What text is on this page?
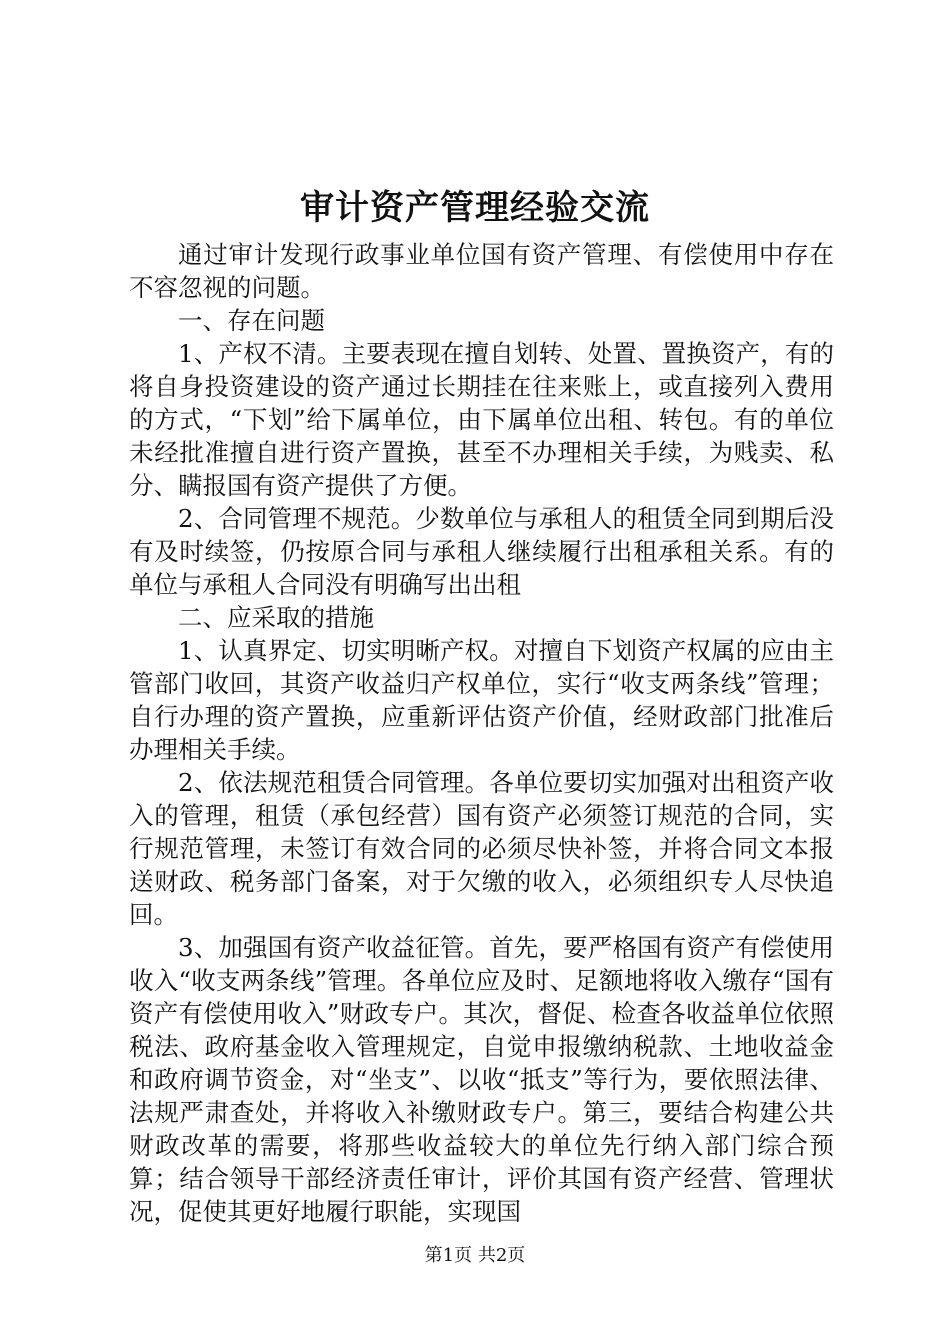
审计资产管理经验交流

通过审计发现行政事业单位国有资产管理、有偿使用中存在不容忽视的问题。

一、存在问题

1、产权不清。主要表现在擅自划转、处置、置换资产，有的将自身投资建设的资产通过长期挂在往来账上，或直接列入费用的方式，“下划”给下属单位，由下属单位出租、转包。有的单位未经批准擅自进行资产置换，甚至不办理相关手续，为贱卖、私分、瞒报国有资产提供了方便。

2、合同管理不规范。少数单位与承租人的租赁全同到期后没有及时续签，仍按原合同与承租人继续履行出租承租关系。有的单位与承租人合同没有明确写出出租

二、应采取的措施

1、认真界定、切实明晰产权。对擅自下划资产权属的应由主管部门收回，其资产收益归产权单位，实行“收支两条线”管理；自行办理的资产置换，应重新评估资产价值，经财政部门批准后办理相关手续。

2、依法规范租赁合同管理。各单位要切实加强对出租资产收入的管理，租赁（承包经营）国有资产必须签订规范的合同，实行规范管理，未签订有效合同的必须尽快补签，并将合同文本报送财政、税务部门备案，对于欠缴的收入，必须组织专人尽快追回。

3、加强国有资产收益征管。首先，要严格国有资产有偿使用收入“收支两条线”管理。各单位应及时、足额地将收入缴存“国有资产有偿使用收入”财政专户。其次，督促、检查各收益单位依照税法、政府基金收入管理规定，自觉申报缴纳税款、土地收益金和政府调节资金，对“坐支”、以收“抵支”等行为，要依照法律、法规严肃查处，并将收入补缴财政专户。第三，要结合构建公共财政改革的需要，将那些收益较大的单位先行纳入部门综合预算；结合领导干部经济责任审计，评价其国有资产经营、管理状况，促使其更好地履行职能，实现国

第1页 共2页
